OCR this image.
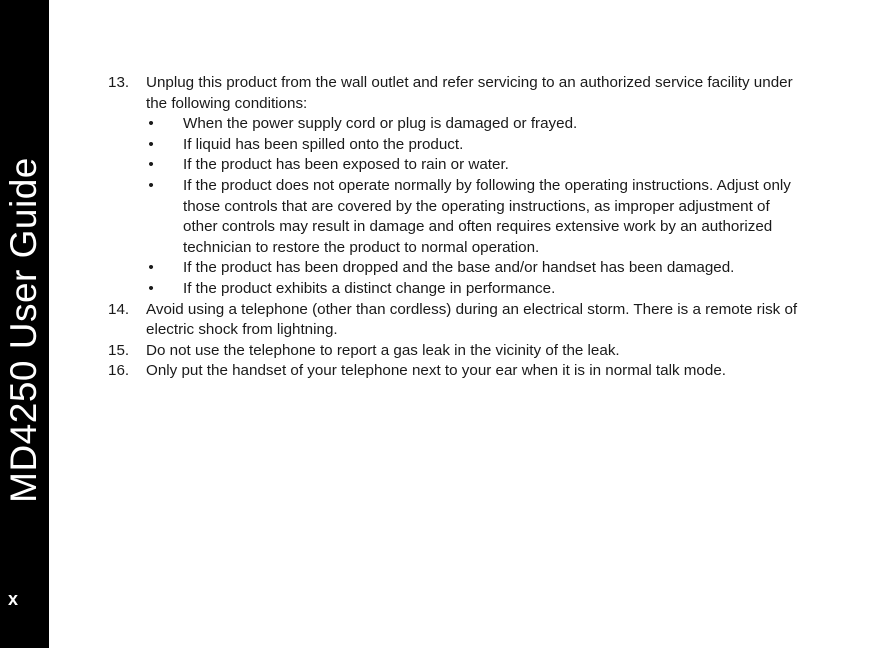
MD4250 User Guide
x
13. Unplug this product from the wall outlet and refer servicing to an authorized service facility under the following conditions:
• When the power supply cord or plug is damaged or frayed.
• If liquid has been spilled onto the product.
• If the product has been exposed to rain or water.
• If the product does not operate normally by following the operating instructions. Adjust only those controls that are covered by the operating instructions, as improper adjustment of other controls may result in damage and often requires extensive work by an authorized technician to restore the product to normal operation.
• If the product has been dropped and the base and/or handset has been damaged.
• If the product exhibits a distinct change in performance.
14. Avoid using a telephone (other than cordless) during an electrical storm. There is a remote risk of electric shock from lightning.
15. Do not use the telephone to report a gas leak in the vicinity of the leak.
16. Only put the handset of your telephone next to your ear when it is in normal talk mode.
